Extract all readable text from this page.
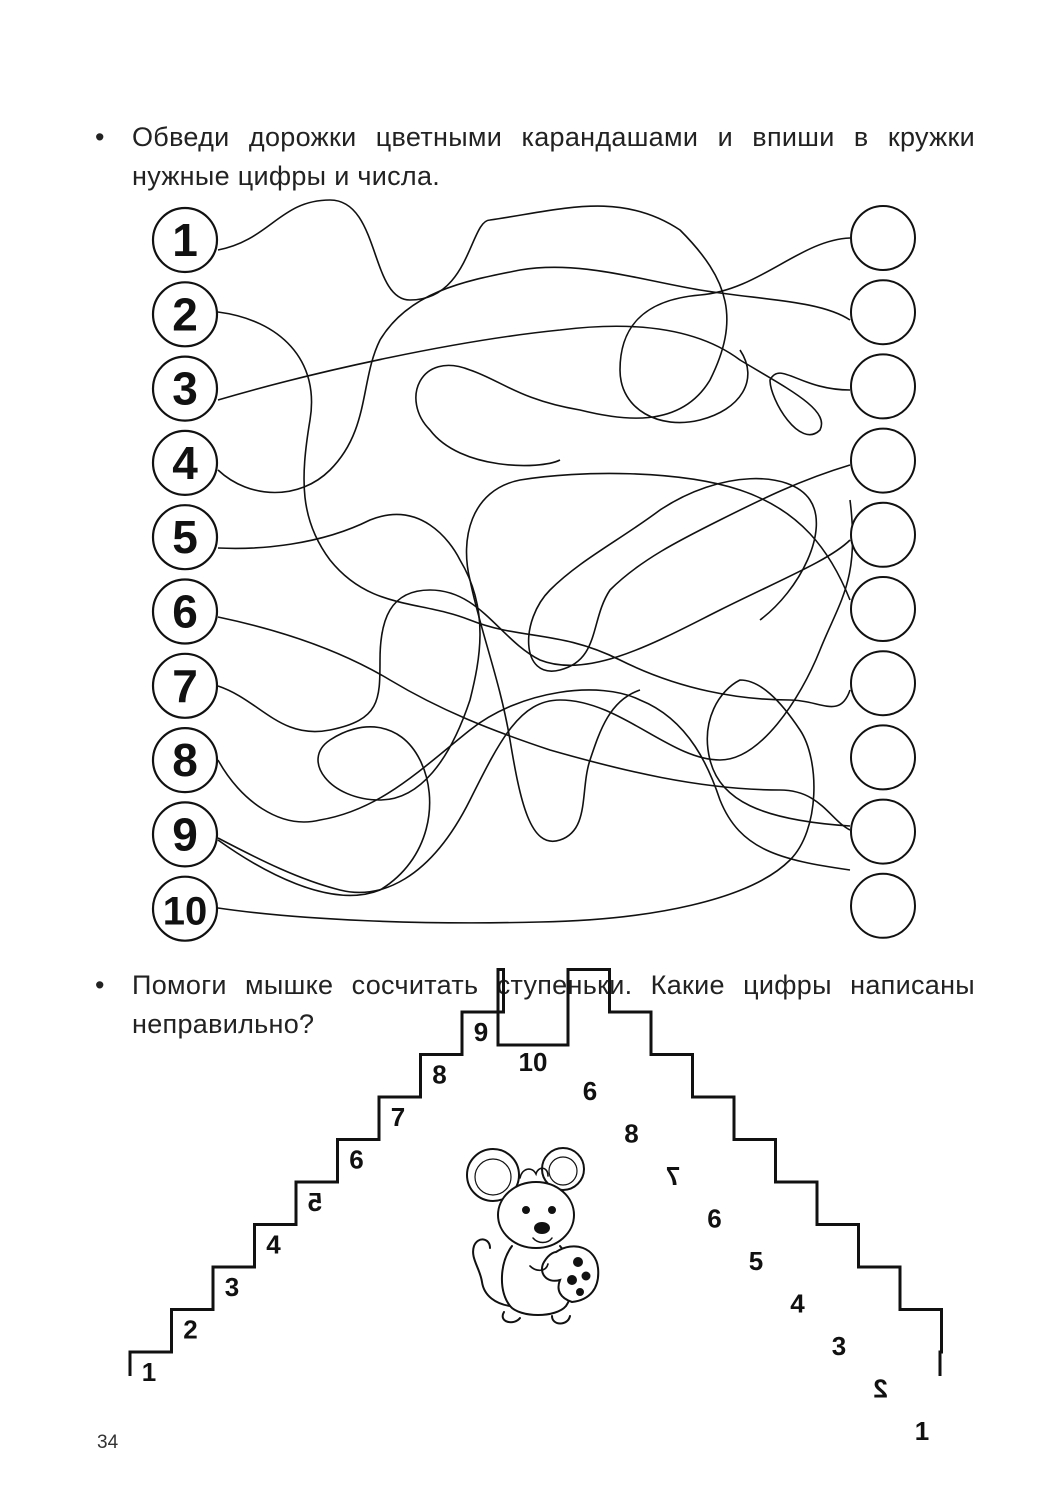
• Обведи дорожки цветными карандашами и впиши в кружки нужные цифры и числа.
1
2
3
4
5
6
7
8
9
10
• Помоги мышке сосчитать ступеньки. Какие цифры написаны неправильно?
1
2
3
4
5
6
7
8
9
10
6
8
7
6
5
4
3
2
1
34
